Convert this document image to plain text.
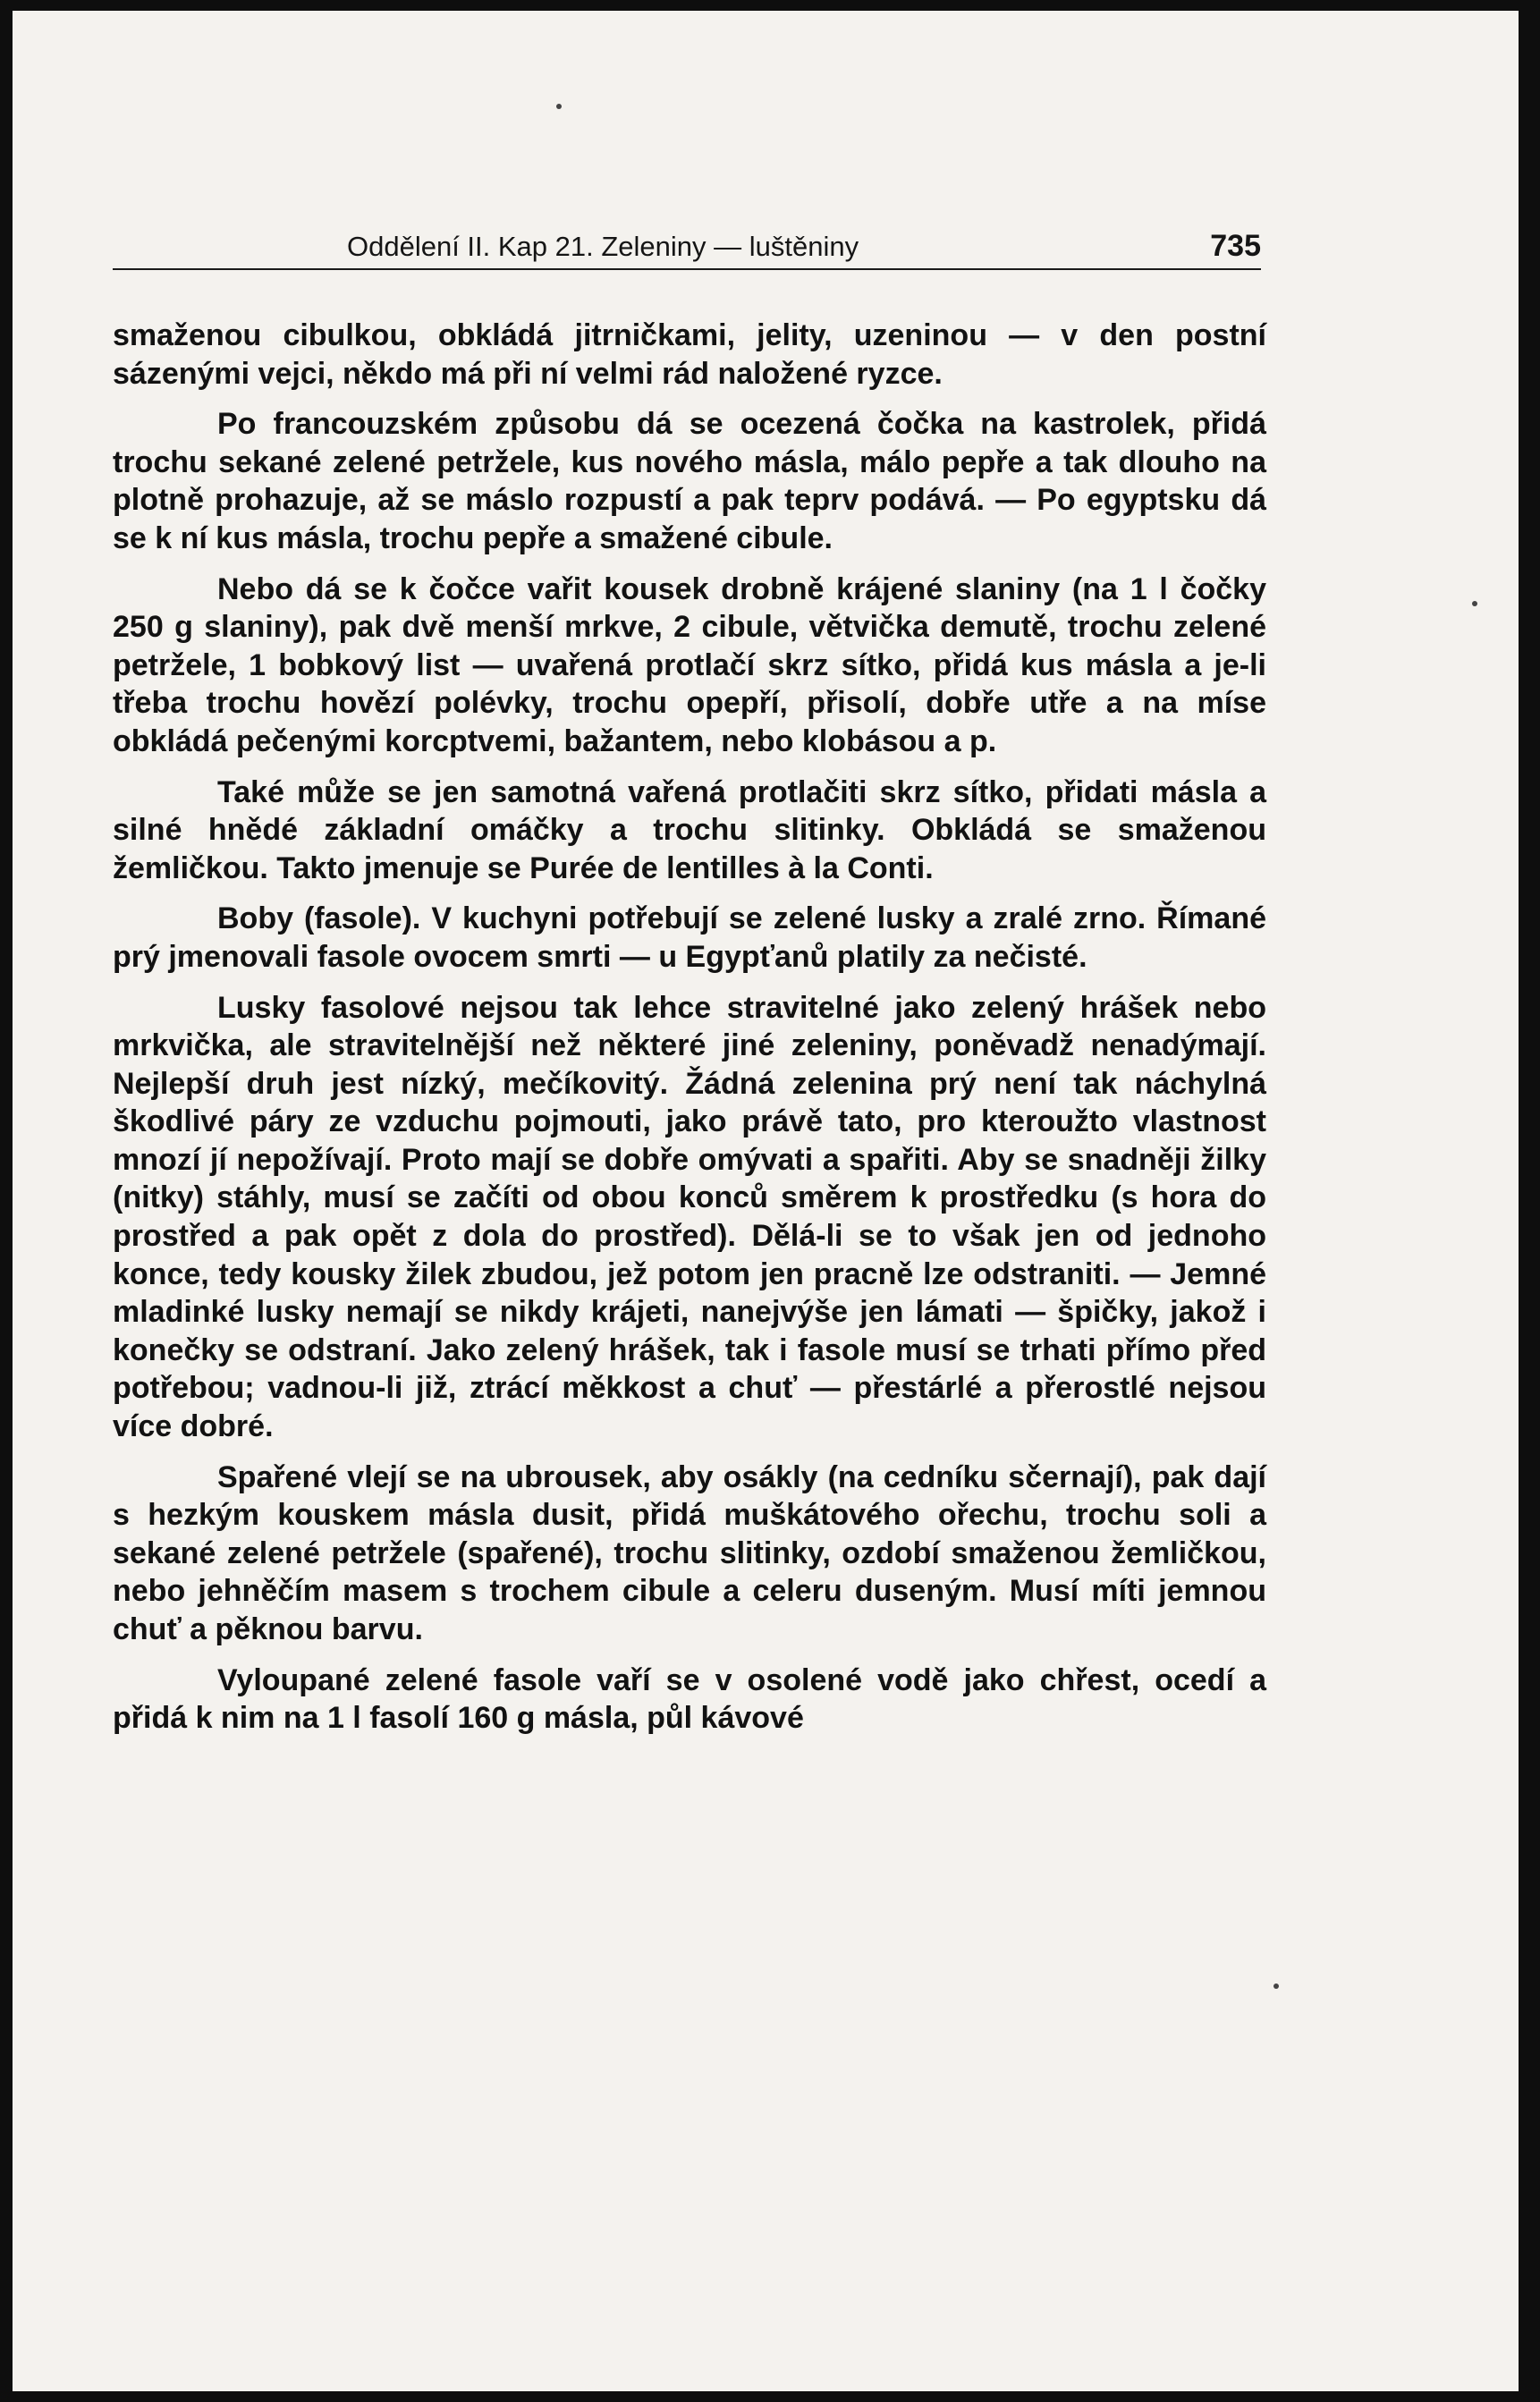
Oddělení II. Kap 21. Zeleniny — luštěniny	735

smaženou cibulkou, obkládá jitrničkami, jelity, uzeninou — v den postní sázenými vejci, někdo má při ní velmi rád naložené ryzce.

Po francouzském způsobu dá se ocezená čočka na kastrolek, přidá trochu sekané zelené petržele, kus nového másla, málo pepře a tak dlouho na plotně prohazuje, až se máslo rozpustí a pak teprv podává. — Po egyptsku dá se k ní kus másla, trochu pepře a smažené cibule.

Nebo dá se k čočce vařit kousek drobně krájené slaniny (na 1 l čočky 250 g slaniny), pak dvě menší mrkve, 2 cibule, větvička demutě, trochu zelené petržele, 1 bobkový list — uvařená protlačí skrz sítko, přidá kus másla a je-li třeba trochu hovězí polévky, trochu opepří, přisolí, dobře utře a na míse obkládá pečenými korcptvemi, bažantem, nebo klobásou a p.

Také může se jen samotná vařená protlačiti skrz sítko, přidati másla a silné hnědé základní omáčky a trochu slitinky. Obkládá se smaženou žemličkou. Takto jmenuje se Purée de lentilles à la Conti.

Boby (fasole). V kuchyni potřebují se zelené lusky a zralé zrno. Římané prý jmenovali fasole ovocem smrti — u Egypťanů platily za nečisté.

Lusky fasolové nejsou tak lehce stravitelné jako zelený hrášek nebo mrkvička, ale stravitelnější než některé jiné zeleniny, poněvadž nenadýmají. Nejlepší druh jest nízký, mečíkovitý. Žádná zelenina prý není tak náchylná škodlivé páry ze vzduchu pojmouti, jako právě tato, pro kteroužto vlastnost mnozí jí nepožívají. Proto mají se dobře omývati a spařiti. Aby se snadněji žilky (nitky) stáhly, musí se začíti od obou konců směrem k prostředku (s hora do prostřed a pak opět z dola do prostřed). Dělá-li se to však jen od jednoho konce, tedy kousky žilek zbudou, jež potom jen pracně lze odstraniti. — Jemné mladinké lusky nemají se nikdy krájeti, nanejvýše jen lámati — špičky, jakož i konečky se odstraní. Jako zelený hrášek, tak i fasole musí se trhati přímo před potřebou; vadnou-li již, ztrácí měkkost a chuť — přestárlé a přerostlé nejsou více dobré.

Spařené vlejí se na ubrousek, aby osákly (na cedníku sčernají), pak dají s hezkým kouskem másla dusit, přidá muškátového ořechu, trochu soli a sekané zelené petržele (spařené), trochu slitinky, ozdobí smaženou žemličkou, nebo jehněčím masem s trochem cibule a celeru duseným. Musí míti jemnou chuť a pěknou barvu.

Vyloupané zelené fasole vaří se v osolené vodě jako chřest, ocedí a přidá k nim na 1 l fasolí 160 g másla, půl kávové
